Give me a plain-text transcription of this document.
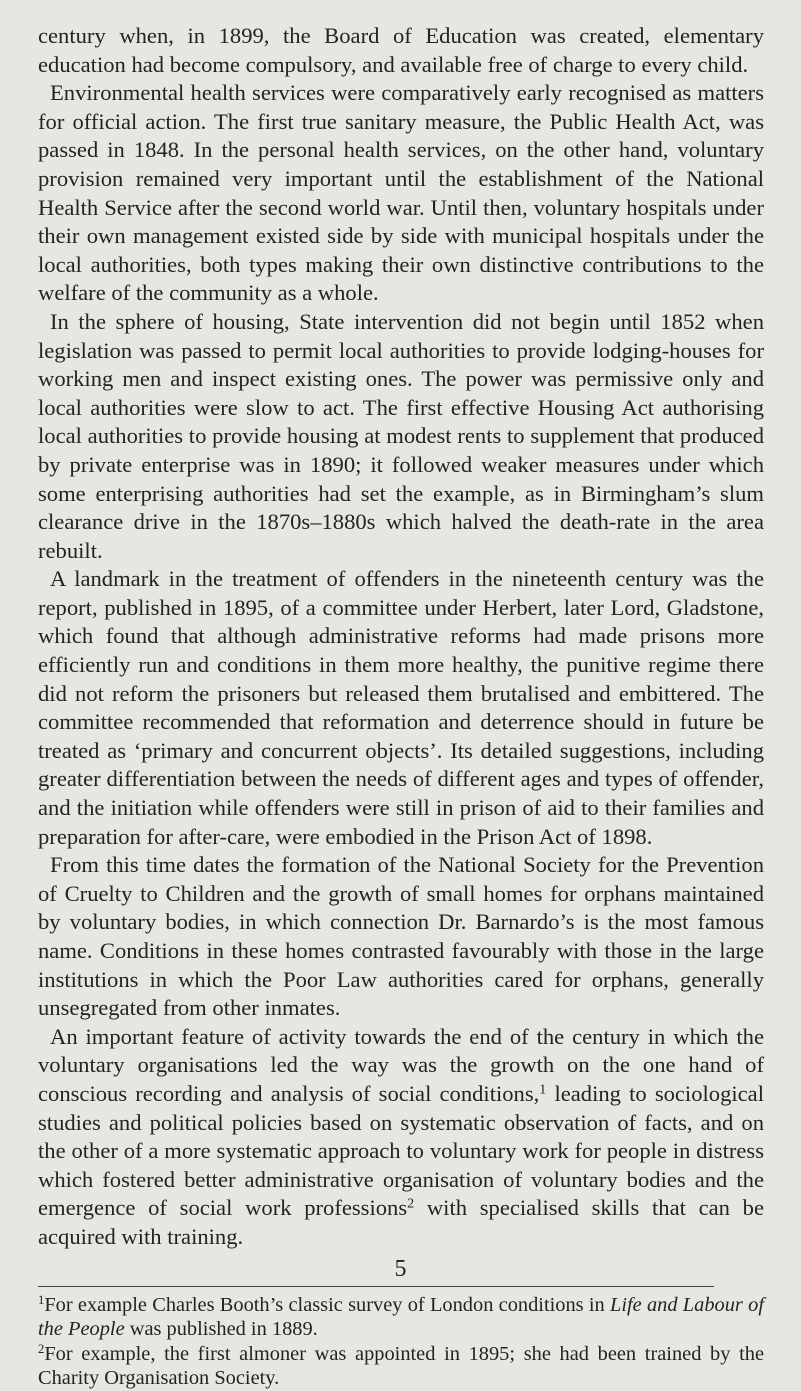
century when, in 1899, the Board of Education was created, elementary education had become compulsory, and available free of charge to every child.

Environmental health services were comparatively early recognised as matters for official action. The first true sanitary measure, the Public Health Act, was passed in 1848. In the personal health services, on the other hand, voluntary provision remained very important until the establishment of the National Health Service after the second world war. Until then, voluntary hospitals under their own management existed side by side with municipal hospitals under the local authorities, both types making their own distinctive contributions to the welfare of the community as a whole.

In the sphere of housing, State intervention did not begin until 1852 when legislation was passed to permit local authorities to provide lodging-houses for working men and inspect existing ones. The power was permissive only and local authorities were slow to act. The first effective Housing Act authorising local authorities to provide housing at modest rents to supplement that produced by private enterprise was in 1890; it followed weaker measures under which some enterprising authorities had set the example, as in Birmingham’s slum clearance drive in the 1870s–1880s which halved the death-rate in the area rebuilt.

A landmark in the treatment of offenders in the nineteenth century was the report, published in 1895, of a committee under Herbert, later Lord, Gladstone, which found that although administrative reforms had made prisons more efficiently run and conditions in them more healthy, the punitive regime there did not reform the prisoners but released them brutalised and embittered. The committee recommended that reformation and deterrence should in future be treated as ‘primary and concurrent objects’. Its detailed suggestions, including greater differentiation between the needs of different ages and types of offender, and the initiation while offenders were still in prison of aid to their families and preparation for after-care, were embodied in the Prison Act of 1898.

From this time dates the formation of the National Society for the Prevention of Cruelty to Children and the growth of small homes for orphans maintained by voluntary bodies, in which connection Dr. Barnardo’s is the most famous name. Conditions in these homes contrasted favourably with those in the large institutions in which the Poor Law authorities cared for orphans, generally unsegregated from other inmates.

An important feature of activity towards the end of the century in which the voluntary organisations led the way was the growth on the one hand of conscious recording and analysis of social conditions,$^1$ leading to sociological studies and political policies based on systematic observation of facts, and on the other of a more systematic approach to voluntary work for people in distress which fostered better administrative organisation of voluntary bodies and the emergence of social work professions$^2$ with specialised skills that can be acquired with training.

$^1$For example Charles Booth’s classic survey of London conditions in Life and Labour of the People was published in 1889.

$^2$For example, the first almoner was appointed in 1895; she had been trained by the Charity Organisation Society.

5
